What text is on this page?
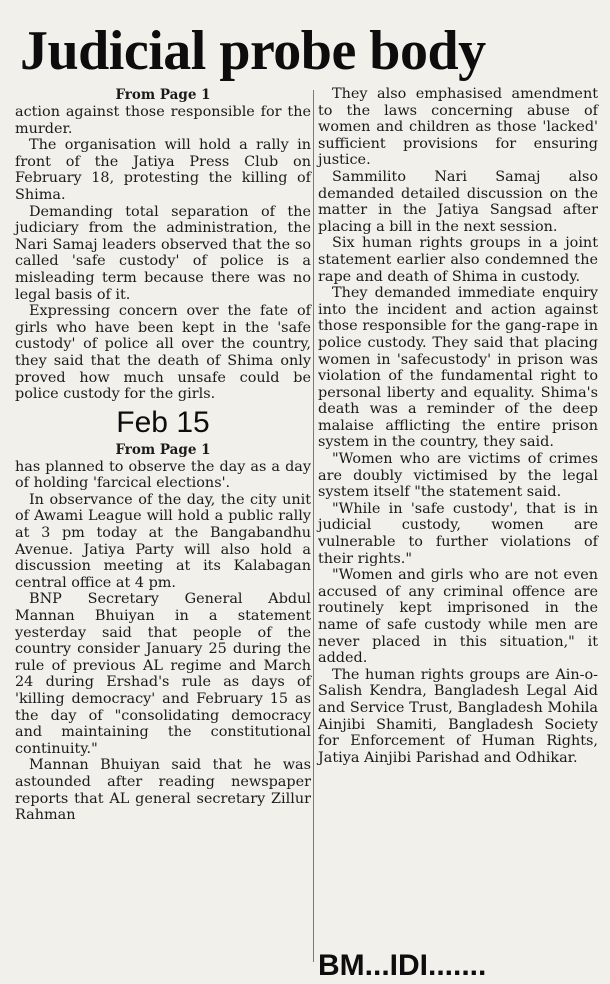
Judicial probe body

From Page 1

action against those responsible for the murder.

The organisation will hold a rally in front of the Jatiya Press Club on February 18, protesting the killing of Shima.

Demanding total separation of the judiciary from the administration, the Nari Samaj leaders observed that the so called 'safe custody' of police is a misleading term because there was no legal basis of it.

Expressing concern over the fate of girls who have been kept in the 'safe custody' of police all over the country, they said that the death of Shima only proved how much unsafe could be police custody for the girls.

Feb 15

From Page 1

has planned to observe the day as a day of holding 'farcical elections'.

In observance of the day, the city unit of Awami League will hold a public rally at 3 pm today at the Bangabandhu Avenue. Jatiya Party will also hold a discussion meeting at its Kalabagan central office at 4 pm.

BNP Secretary General Abdul Mannan Bhuiyan in a statement yesterday said that people of the country consider January 25 during the rule of previous AL regime and March 24 during Ershad's rule as days of 'killing democracy' and February 15 as the day of "consolidating democracy and maintaining the constitutional continuity."

Mannan Bhuiyan said that he was astounded after reading newspaper reports that AL general secretary Zillur Rahman

They also emphasised amendment to the laws concerning abuse of women and children as those 'lacked' sufficient provisions for ensuring justice.

Sammilito Nari Samaj also demanded detailed discussion on the matter in the Jatiya Sangsad after placing a bill in the next session.

Six human rights groups in a joint statement earlier also condemned the rape and death of Shima in custody.

They demanded immediate enquiry into the incident and action against those responsible for the gang-rape in police custody. They said that placing women in 'safecustody' in prison was violation of the fundamental right to personal liberty and equality. Shima's death was a reminder of the deep malaise afflicting the entire prison system in the country, they said.

"Women who are victims of crimes are doubly victimised by the legal system itself "the statement said.

"While in 'safe custody', that is in judicial custody, women are vulnerable to further violations of their rights."

"Women and girls who are not even accused of any criminal offence are routinely kept imprisoned in the name of safe custody while men are never placed in this situation," it added.

The human rights groups are Ain-o-Salish Kendra, Bangladesh Legal Aid and Service Trust, Bangladesh Mohila Ainjibi Shamiti, Bangladesh Society for Enforcement of Human Rights, Jatiya Ainjibi Parishad and Odhikar.

BM...IDI.......
